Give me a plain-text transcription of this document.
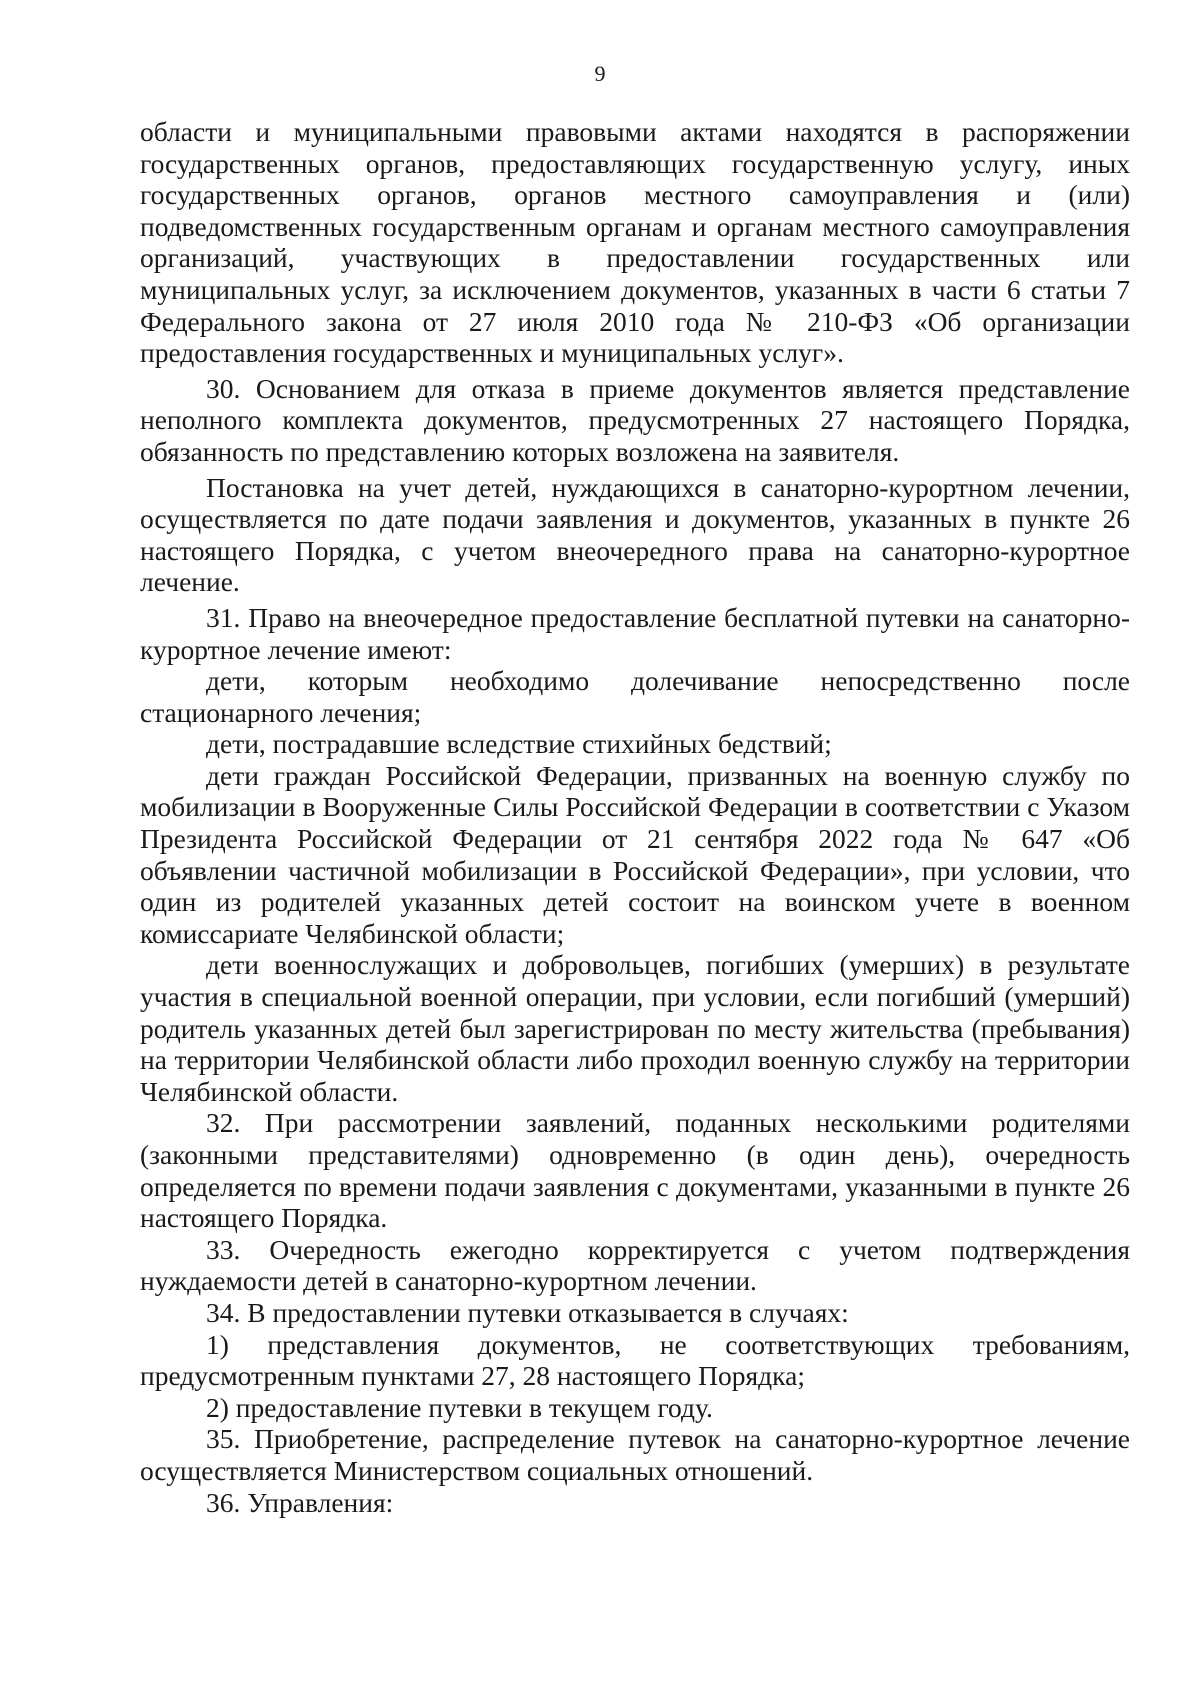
9

области и муниципальными правовыми актами находятся в распоряжении государственных органов, предоставляющих государственную услугу, иных государственных органов, органов местного самоуправления и (или) подведомственных государственным органам и органам местного самоуправления организаций, участвующих в предоставлении государственных или муниципальных услуг, за исключением документов, указанных в части 6 статьи 7 Федерального закона от 27 июля 2010 года № 210-ФЗ «Об организации предоставления государственных и муниципальных услуг».

30. Основанием для отказа в приеме документов является представление неполного комплекта документов, предусмотренных 27 настоящего Порядка, обязанность по представлению которых возложена на заявителя.

Постановка на учет детей, нуждающихся в санаторно-курортном лечении, осуществляется по дате подачи заявления и документов, указанных в пункте 26 настоящего Порядка, с учетом внеочередного права на санаторно-курортное лечение.

31. Право на внеочередное предоставление бесплатной путевки на санаторно-курортное лечение имеют:

дети, которым необходимо долечивание непосредственно после стационарного лечения;

дети, пострадавшие вследствие стихийных бедствий;

дети граждан Российской Федерации, призванных на военную службу по мобилизации в Вооруженные Силы Российской Федерации в соответствии с Указом Президента Российской Федерации от 21 сентября 2022 года № 647 «Об объявлении частичной мобилизации в Российской Федерации», при условии, что один из родителей указанных детей состоит на воинском учете в военном комиссариате Челябинской области;

дети военнослужащих и добровольцев, погибших (умерших) в результате участия в специальной военной операции, при условии, если погибший (умерший) родитель указанных детей был зарегистрирован по месту жительства (пребывания) на территории Челябинской области либо проходил военную службу на территории Челябинской области.

32. При рассмотрении заявлений, поданных несколькими родителями (законными представителями) одновременно (в один день), очередность определяется по времени подачи заявления с документами, указанными в пункте 26 настоящего Порядка.

33. Очередность ежегодно корректируется с учетом подтверждения нуждаемости детей в санаторно-курортном лечении.

34. В предоставлении путевки отказывается в случаях:

1) представления документов, не соответствующих требованиям, предусмотренным пунктами 27, 28 настоящего Порядка;

2) предоставление путевки в текущем году.

35. Приобретение, распределение путевок на санаторно-курортное лечение осуществляется Министерством социальных отношений.

36. Управления:
